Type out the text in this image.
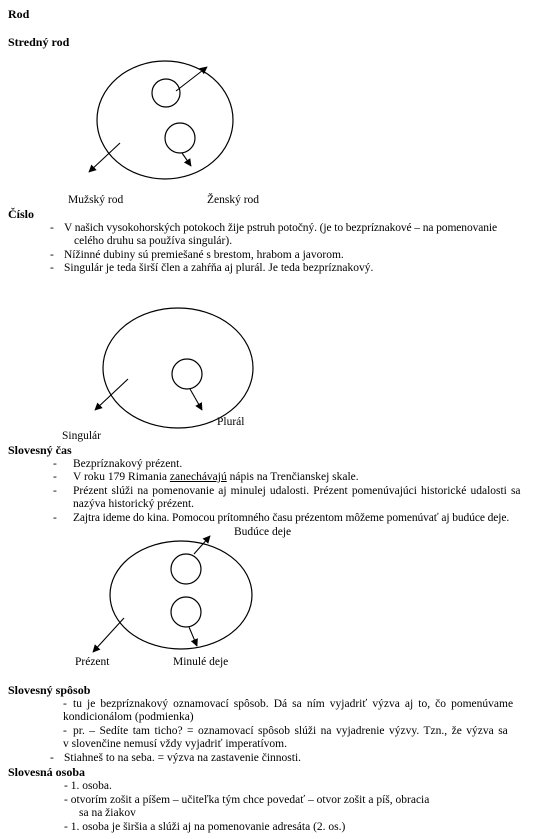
Rod
Stredný rod
Mužský rod	Ženský rod
Číslo
- V našich vysokohorských potokoch žije pstruh potočný. (je to bezpríznakové – na pomenovanie
celého druhu sa používa singulár).
- Nížinné dubiny sú premiešané s brestom, hrabom a javorom.
- Singulár je teda širší člen a zahŕňa aj plurál. Je teda bezpríznakový.
Plurál
Singulár
Slovesný čas
- Bezpríznakový prézent.
- V roku 179 Rimania zanechávajú nápis na Trenčianskej skale.
- Prézent slúži na pomenovanie aj minulej udalosti. Prézent pomenúvajúci historické udalosti sa
nazýva historický prézent.
- Zajtra ideme do kina. Pomocou prítomného času prézentom môžeme pomenúvať aj budúce deje.
Budúce deje
Prézent	Minulé deje
Slovesný spôsob
- tu je bezpríznakový oznamovací spôsob. Dá sa ním vyjadriť výzva aj to, čo pomenúvame
kondicionálom (podmienka)
- pr. – Sedíte tam ticho? = oznamovací spôsob slúži na vyjadrenie výzvy. Tzn., že výzva sa
v slovenčine nemusí vždy vyjadriť imperatívom.
- Stiahneš to na seba. = výzva na zastavenie činnosti.
Slovesná osoba
- 1. osoba.
- otvorím zošit a píšem – učiteľka tým chce povedať – otvor zošit a píš, obracia
sa na žiakov
- 1. osoba je širšia a slúži aj na pomenovanie adresáta (2. os.)
